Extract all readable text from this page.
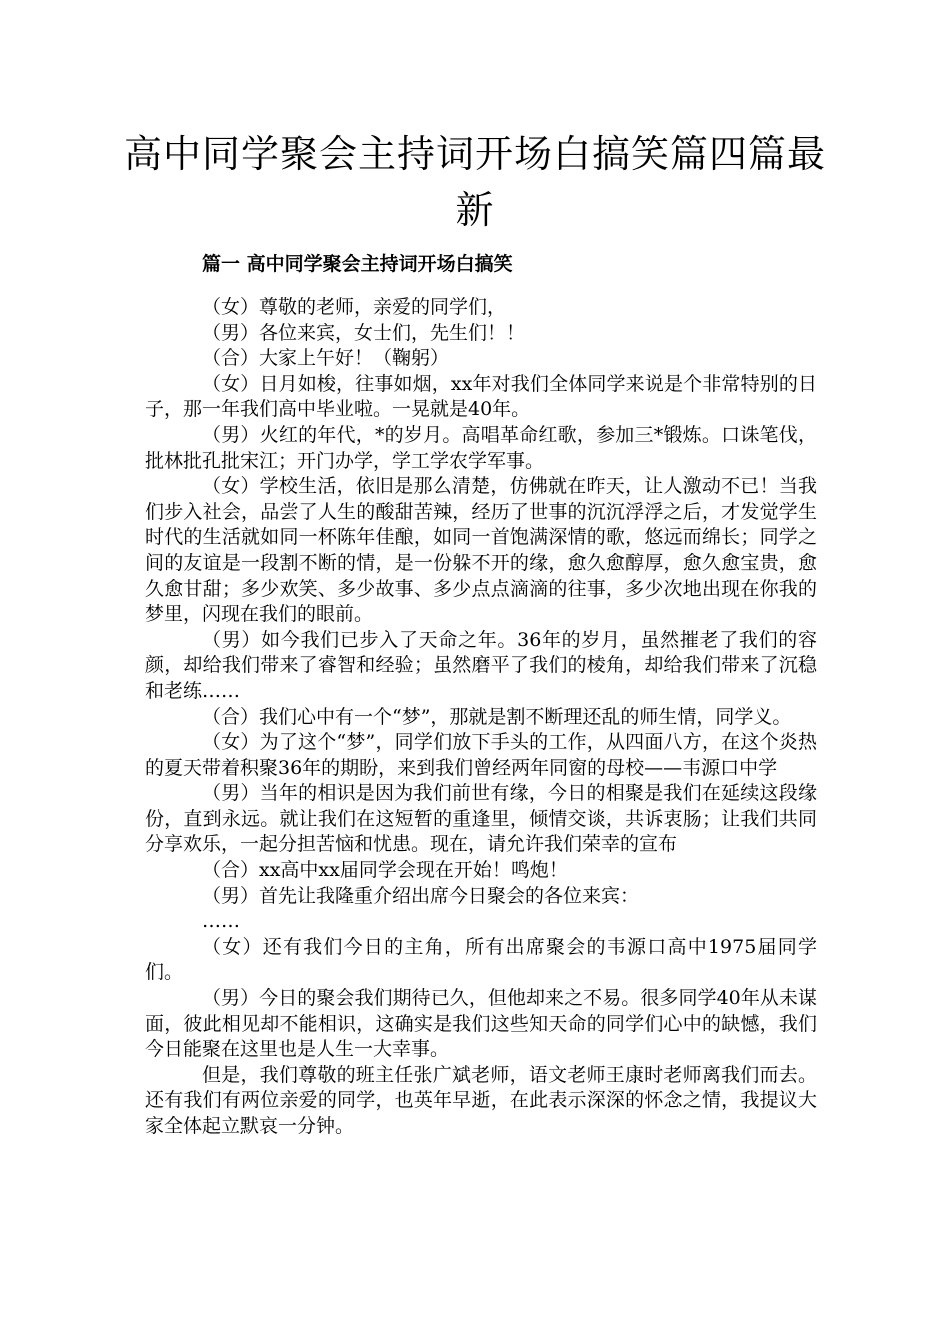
高中同学聚会主持词开场白搞笑篇四篇最新
篇一 高中同学聚会主持词开场白搞笑

（女）尊敬的老师，亲爱的同学们，

（男）各位来宾，女士们，先生们！！

（合）大家上午好！（鞠躬）

（女）日月如梭，往事如烟，xx年对我们全体同学来说是个非常特别的日子，那一年我们高中毕业啦。一晃就是40年。

（男）火红的年代，*的岁月。高唱革命红歌，参加三*锻炼。口诛笔伐，批林批孔批宋江；开门办学，学工学农学军事。

（女）学校生活，依旧是那么清楚，仿佛就在昨天，让人激动不已！当我们步入社会，品尝了人生的酸甜苦辣，经历了世事的沉沉浮浮之后，才发觉学生时代的生活就如同一杯陈年佳酿，如同一首饱满深情的歌，悠远而绵长；同学之间的友谊是一段割不断的情，是一份躲不开的缘，愈久愈醇厚，愈久愈宝贵，愈久愈甘甜；多少欢笑、多少故事、多少点点滴滴的往事，多少次地出现在你我的梦里，闪现在我们的眼前。

（男）如今我们已步入了天命之年。36年的岁月，虽然摧老了我们的容颜，却给我们带来了睿智和经验；虽然磨平了我们的棱角，却给我们带来了沉稳和老练……

（合）我们心中有一个“梦”，那就是割不断理还乱的师生情，同学义。

（女）为了这个“梦”，同学们放下手头的工作，从四面八方，在这个炎热的夏天带着积聚36年的期盼，来到我们曾经两年同窗的母校——韦源口中学

（男）当年的相识是因为我们前世有缘，今日的相聚是我们在延续这段缘份，直到永远。就让我们在这短暂的重逢里，倾情交谈，共诉衷肠；让我们共同分享欢乐，一起分担苦恼和忧患。现在，请允许我们荣幸的宣布

（合）xx高中xx届同学会现在开始！鸣炮！

（男）首先让我隆重介绍出席今日聚会的各位来宾：

……

（女）还有我们今日的主角，所有出席聚会的韦源口高中1975届同学们。

（男）今日的聚会我们期待已久，但他却来之不易。很多同学40年从未谋面，彼此相见却不能相识，这确实是我们这些知天命的同学们心中的缺憾，我们今日能聚在这里也是人生一大幸事。

但是，我们尊敬的班主任张广斌老师，语文老师王康时老师离我们而去。还有我们有两位亲爱的同学，也英年早逝，在此表示深深的怀念之情，我提议大家全体起立默哀一分钟。
